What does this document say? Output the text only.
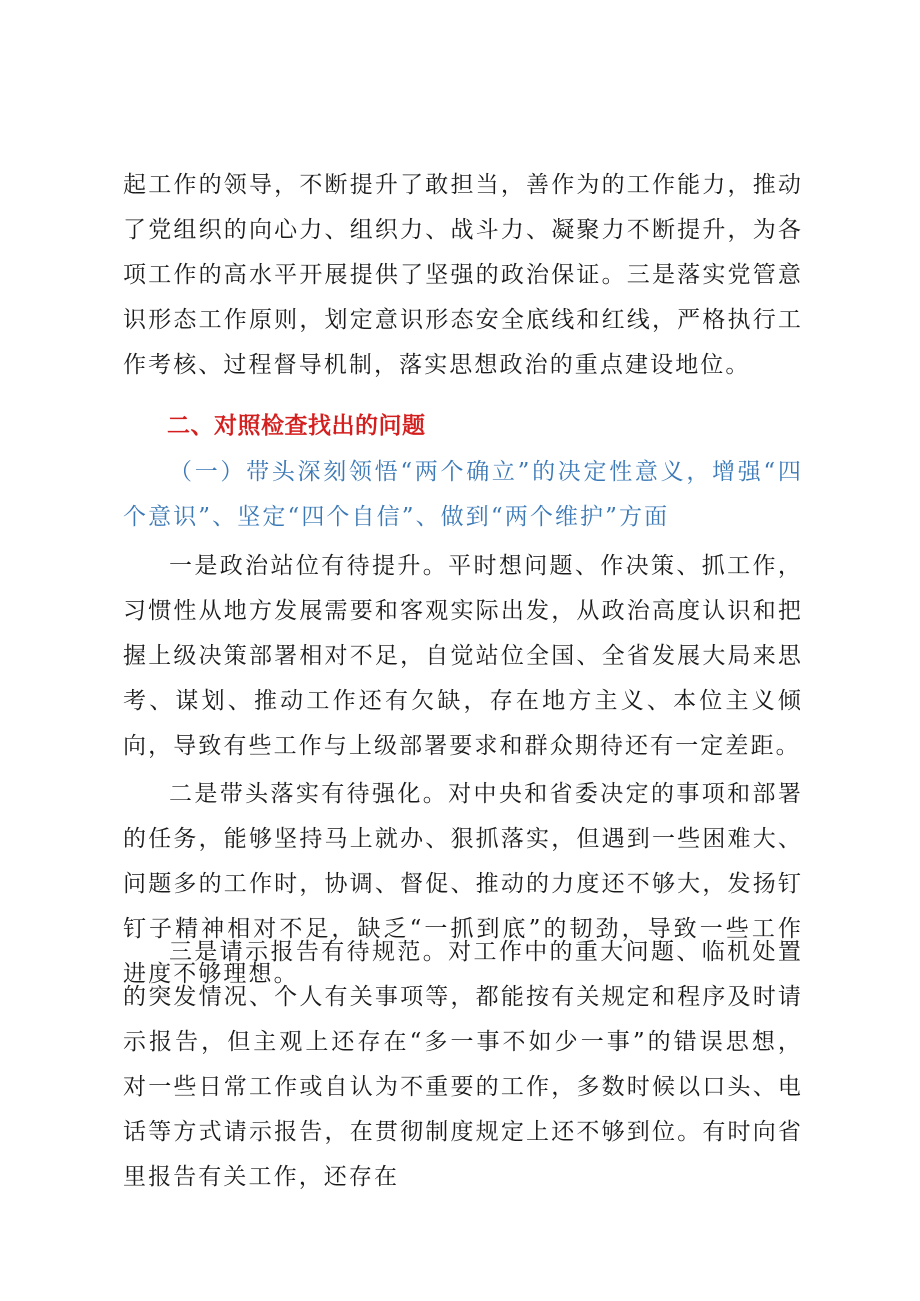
起工作的领导，不断提升了敢担当，善作为的工作能力，推动了党组织的向心力、组织力、战斗力、凝聚力不断提升，为各项工作的高水平开展提供了坚强的政治保证。三是落实党管意识形态工作原则，划定意识形态安全底线和红线，严格执行工作考核、过程督导机制，落实思想政治的重点建设地位。

二、对照检查找出的问题

（一）带头深刻领悟“两个确立”的决定性意义，增强“四个意识”、坚定“四个自信”、做到“两个维护”方面

一是政治站位有待提升。平时想问题、作决策、抓工作，习惯性从地方发展需要和客观实际出发，从政治高度认识和把握上级决策部署相对不足，自觉站位全国、全省发展大局来思考、谋划、推动工作还有欠缺，存在地方主义、本位主义倾向，导致有些工作与上级部署要求和群众期待还有一定差距。

二是带头落实有待强化。对中央和省委决定的事项和部署的任务，能够坚持马上就办、狠抓落实，但遇到一些困难大、问题多的工作时，协调、督促、推动的力度还不够大，发扬钉钉子精神相对不足，缺乏“一抓到底”的韧劲，导致一些工作进度不够理想。

三是请示报告有待规范。对工作中的重大问题、临机处置的突发情况、个人有关事项等，都能按有关规定和程序及时请示报告，但主观上还存在“多一事不如少一事”的错误思想，对一些日常工作或自认为不重要的工作，多数时候以口头、电话等方式请示报告，在贯彻制度规定上还不够到位。有时向省里报告有关工作，还存在
